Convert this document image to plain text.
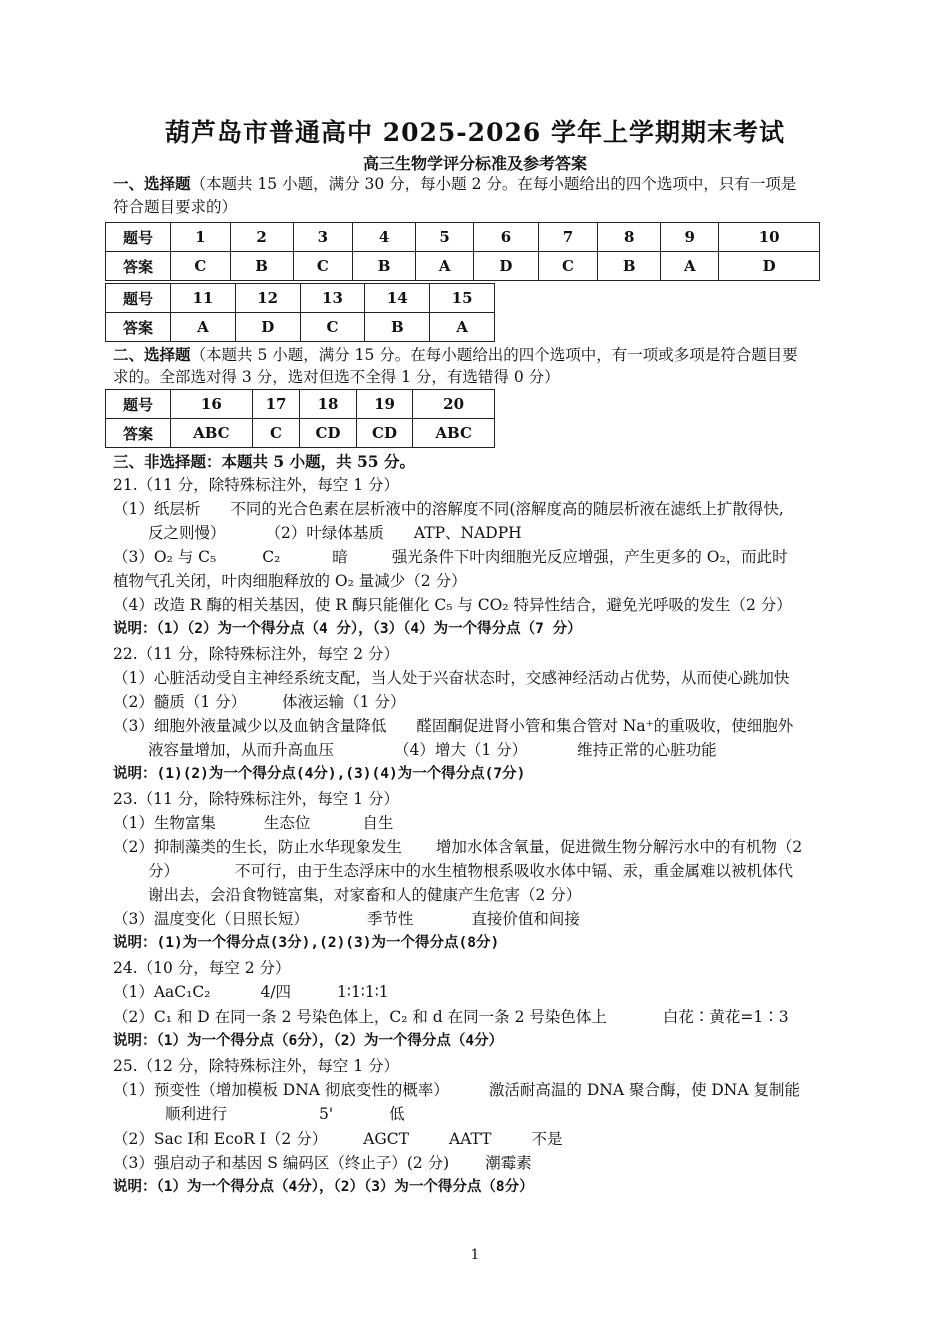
葫芦岛市普通高中 2025-2026 学年上学期期末考试
高三生物学评分标准及参考答案
一、选择题（本题共 15 小题，满分 30 分，每小题 2 分。在每小题给出的四个选项中，只有一项是
符合题目要求的）
题号	1	2	3	4	5	6	7	8	9	10
答案	C	B	C	B	A	D	C	B	A	D
题号	11	12	13	14	15
答案	A	D	C	B	A
二、选择题（本题共 5 小题，满分 15 分。在每小题给出的四个选项中，有一项或多项是符合题目要
求的。全部选对得 3 分，选对但选不全得 1 分，有选错得 0 分）
题号	16	17	18	19	20
答案	ABC	C	CD	CD	ABC
三、非选择题：本题共 5 小题，共 55 分。
21.（11 分，除特殊标注外，每空 1 分）
（1）纸层析 不同的光合色素在层析液中的溶解度不同(溶解度高的随层析液在滤纸上扩散得快,
反之则慢）	（2）叶绿体基质 ATP、NADPH
（3）O₂ 与 C₅	C₂	暗	强光条件下叶肉细胞光反应增强，产生更多的 O₂，而此时
植物气孔关闭，叶肉细胞释放的 O₂ 量减少（2 分）
（4）改造 R 酶的相关基因，使 R 酶只能催化 C₅ 与 CO₂ 特异性结合，避免光呼吸的发生（2 分）
说明：（1）（2）为一个得分点（4 分），（3）（4）为一个得分点（7 分）
22.（11 分，除特殊标注外，每空 2 分）
（1）心脏活动受自主神经系统支配，当人处于兴奋状态时，交感神经活动占优势，从而使心跳加快
（2）髓质（1 分） 体液运输（1 分）
（3）细胞外液量减少以及血钠含量降低 醛固酮促进肾小管和集合管对 Na⁺的重吸收，使细胞外
液容量增加，从而升高血压	（4）增大（1 分）	维持正常的心脏功能
说明：(1)(2)为一个得分点(4分),(3)(4)为一个得分点(7分)
23.（11 分，除特殊标注外，每空 1 分）
（1）生物富集	生态位	自生
（2）抑制藻类的生长，防止水华现象发生 增加水体含氧量，促进微生物分解污水中的有机物（2
分）	不可行，由于生态浮床中的水生植物根系吸收水体中镉、汞，重金属难以被机体代
谢出去，会沿食物链富集，对家畜和人的健康产生危害（2 分）
（3）温度变化（日照长短）	季节性	直接价值和间接
说明：(1)为一个得分点(3分),(2)(3)为一个得分点(8分)
24.（10 分，每空 2 分）
（1）AaC₁C₂	4/四	1∶1∶1∶1
（2）C₁ 和 D 在同一条 2 号染色体上，C₂ 和 d 在同一条 2 号染色体上	白花∶黄花=1∶3
说明：（1）为一个得分点（6分），（2）为一个得分点（4分）
25.（12 分，除特殊标注外，每空 1 分）
（1）预变性（增加模板 DNA 彻底变性的概率）	激活耐高温的 DNA 聚合酶，使 DNA 复制能
顺利进行	5'	低
（2）Sac Ⅰ和 EcoR Ⅰ（2 分） AGCT	AATT	不是
（3）强启动子和基因 S 编码区（终止子）(2 分) 潮霉素
说明：（1）为一个得分点（4分），（2）（3）为一个得分点（8分）
1
